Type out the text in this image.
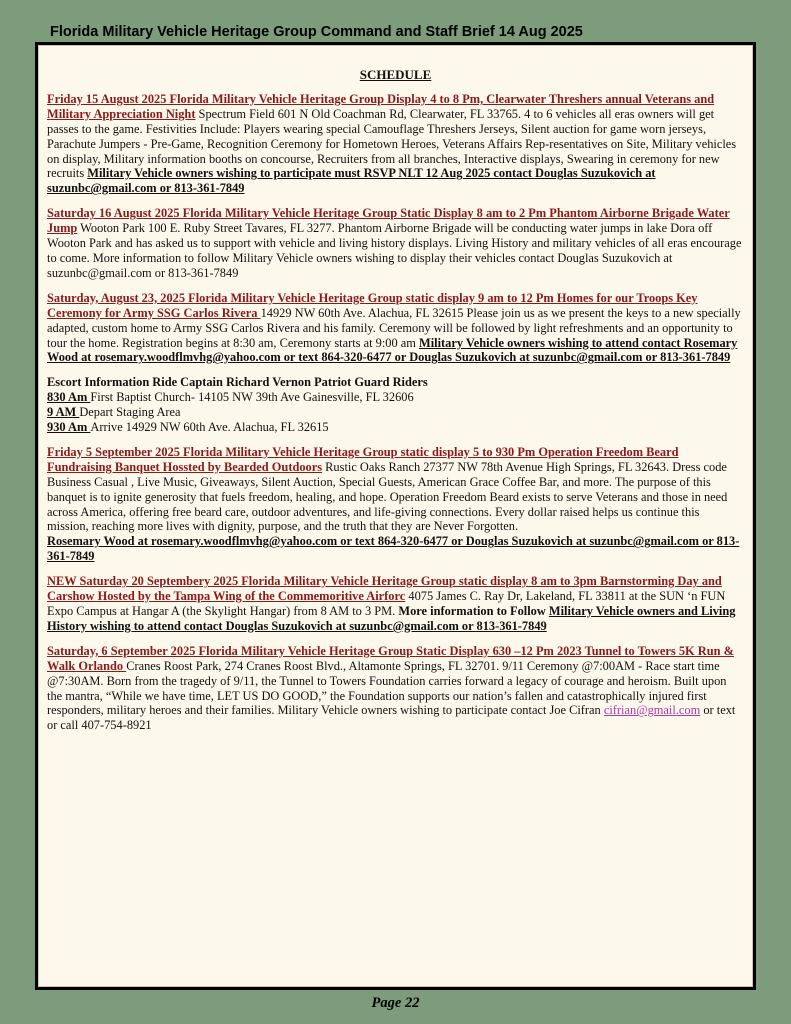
Florida Military Vehicle Heritage Group Command and Staff Brief 14 Aug 2025
SCHEDULE
Friday 15 August 2025 Florida Military Vehicle Heritage Group Display 4 to 8 Pm, Clearwater Threshers annual Veterans and Military Appreciation Night Spectrum Field 601 N Old Coachman Rd, Clearwater, FL 33765. 4 to 6 vehicles all eras owners will get passes to the game. Festivities Include: Players wearing special Camouflage Threshers Jerseys, Silent auction for game worn jerseys, Parachute Jumpers - Pre-Game, Recognition Ceremony for Hometown Heroes, Veterans Affairs Rep-resentatives on Site, Military vehicles on display, Military information booths on concourse, Recruiters from all branches, Interactive displays, Swearing in ceremony for new recruits Military Vehicle owners wishing to participate must RSVP NLT 12 Aug 2025 contact Douglas Suzukovich at suzunbc@gmail.com or 813-361-7849
Saturday 16 August 2025 Florida Military Vehicle Heritage Group Static Display 8 am to 2 Pm Phantom Airborne Brigade Water Jump Wooton Park 100 E. Ruby Street Tavares, FL 3277. Phantom Airborne Brigade will be conducting water jumps in lake Dora off Wooton Park and has asked us to support with vehicle and living history displays. Living History and military vehicles of all eras encourage to come. More information to follow Military Vehicle owners wishing to display their vehicles contact Douglas Suzukovich at suzunbc@gmail.com or 813-361-7849
Saturday, August 23, 2025 Florida Military Vehicle Heritage Group static display 9 am to 12 Pm Homes for our Troops Key Ceremony for Army SSG Carlos Rivera 14929 NW 60th Ave. Alachua, FL 32615 Please join us as we present the keys to a new specially adapted, custom home to Army SSG Carlos Rivera and his family. Ceremony will be followed by light refreshments and an opportunity to tour the home. Registration begins at 8:30 am, Ceremony starts at 9:00 am Military Vehicle owners wishing to attend contact Rosemary Wood at rosemary.woodflmvhg@yahoo.com or text 864-320-6477 or Douglas Suzukovich at suzunbc@gmail.com or 813-361-7849
Escort Information Ride Captain Richard Vernon Patriot Guard Riders
830 Am First Baptist Church- 14105 NW 39th Ave Gainesville, FL 32606
9 AM Depart Staging Area
930 Am Arrive 14929 NW 60th Ave. Alachua, FL 32615
Friday 5 September 2025 Florida Military Vehicle Heritage Group static display 5 to 930 Pm Operation Freedom Beard Fundraising Banquet Hossted by Bearded Outdoors Rustic Oaks Ranch 27377 NW 78th Avenue High Springs, FL 32643. Dress code Business Casual , Live Music, Giveaways, Silent Auction, Special Guests, American Grace Coffee Bar, and more. The purpose of this banquet is to ignite generosity that fuels freedom, healing, and hope. Operation Freedom Beard exists to serve Veterans and those in need across America, offering free beard care, outdoor adventures, and life-giving connections. Every dollar raised helps us continue this mission, reaching more lives with dignity, purpose, and the truth that they are Never Forgotten.
Rosemary Wood at rosemary.woodflmvhg@yahoo.com or text 864-320-6477 or Douglas Suzukovich at suzunbc@gmail.com or 813-361-7849
NEW Saturday 20 Septembery 2025 Florida Military Vehicle Heritage Group static display 8 am to 3pm Barnstorming Day and Carshow Hosted by the Tampa Wing of the Commemoritive Airforc 4075 James C. Ray Dr, Lakeland, FL 33811 at the SUN ‘n FUN Expo Campus at Hangar A (the Skylight Hangar) from 8 AM to 3 PM. More information to Follow Military Vehicle owners and Living History wishing to attend contact Douglas Suzukovich at suzunbc@gmail.com or 813-361-7849
Saturday, 6 September 2025 Florida Military Vehicle Heritage Group Static Display 630 –12 Pm 2023 Tunnel to Towers 5K Run & Walk Orlando Cranes Roost Park, 274 Cranes Roost Blvd., Altamonte Springs, FL 32701. 9/11 Ceremony @7:00AM - Race start time @7:30AM. Born from the tragedy of 9/11, the Tunnel to Towers Foundation carries forward a legacy of courage and heroism. Built upon the mantra, “While we have time, LET US DO GOOD,” the Foundation supports our nation’s fallen and catastrophically injured first responders, military heroes and their families. Military Vehicle owners wishing to participate contact Joe Cifran cifrian@gmail.com or text or call 407-754-8921
Page 22
